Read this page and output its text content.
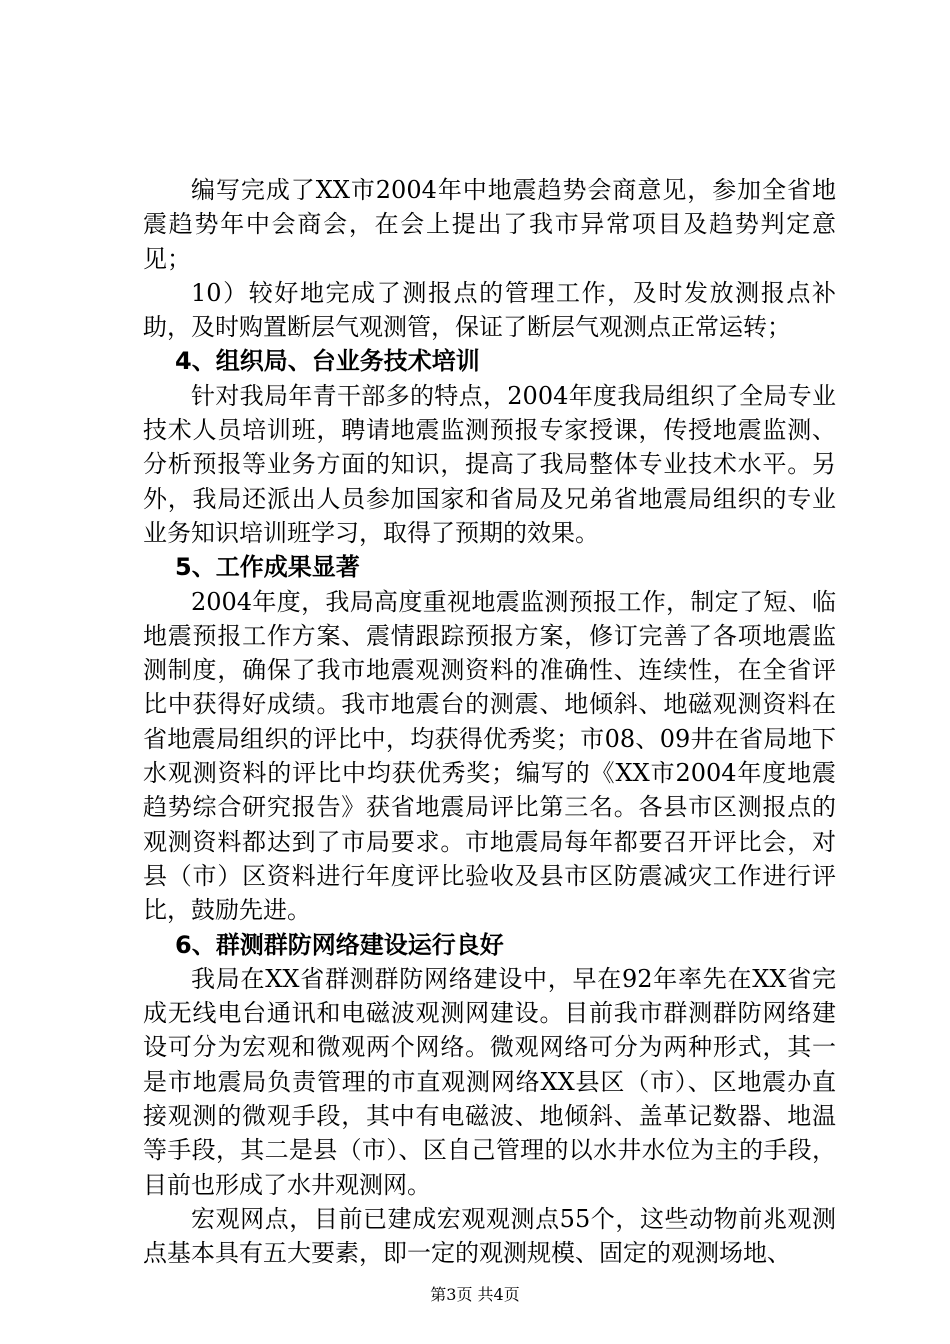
编写完成了XX市2004年中地震趋势会商意见，参加全省地震趋势年中会商会，在会上提出了我市异常项目及趋势判定意见；

10）较好地完成了测报点的管理工作，及时发放测报点补助，及时购置断层气观测管，保证了断层气观测点正常运转；

4、组织局、台业务技术培训

针对我局年青干部多的特点，2004年度我局组织了全局专业技术人员培训班，聘请地震监测预报专家授课，传授地震监测、分析预报等业务方面的知识，提高了我局整体专业技术水平。另外，我局还派出人员参加国家和省局及兄弟省地震局组织的专业业务知识培训班学习，取得了预期的效果。

5、工作成果显著

2004年度，我局高度重视地震监测预报工作，制定了短、临地震预报工作方案、震情跟踪预报方案，修订完善了各项地震监测制度，确保了我市地震观测资料的准确性、连续性，在全省评比中获得好成绩。我市地震台的测震、地倾斜、地磁观测资料在省地震局组织的评比中，均获得优秀奖；市08、09井在省局地下水观测资料的评比中均获优秀奖；编写的《XX市2004年度地震趋势综合研究报告》获省地震局评比第三名。各县市区测报点的观测资料都达到了市局要求。市地震局每年都要召开评比会，对县（市）区资料进行年度评比验收及县市区防震减灾工作进行评比，鼓励先进。

6、群测群防网络建设运行良好

我局在XX省群测群防网络建设中，早在92年率先在XX省完成无线电台通讯和电磁波观测网建设。目前我市群测群防网络建设可分为宏观和微观两个网络。微观网络可分为两种形式，其一是市地震局负责管理的市直观测网络XX县区（市）、区地震办直接观测的微观手段，其中有电磁波、地倾斜、盖革记数器、地温等手段，其二是县（市）、区自己管理的以水井水位为主的手段，目前也形成了水井观测网。

宏观网点，目前已建成宏观观测点55个，这些动物前兆观测点基本具有五大要素，即一定的观测规模、固定的观测场地、

第3页 共4页
